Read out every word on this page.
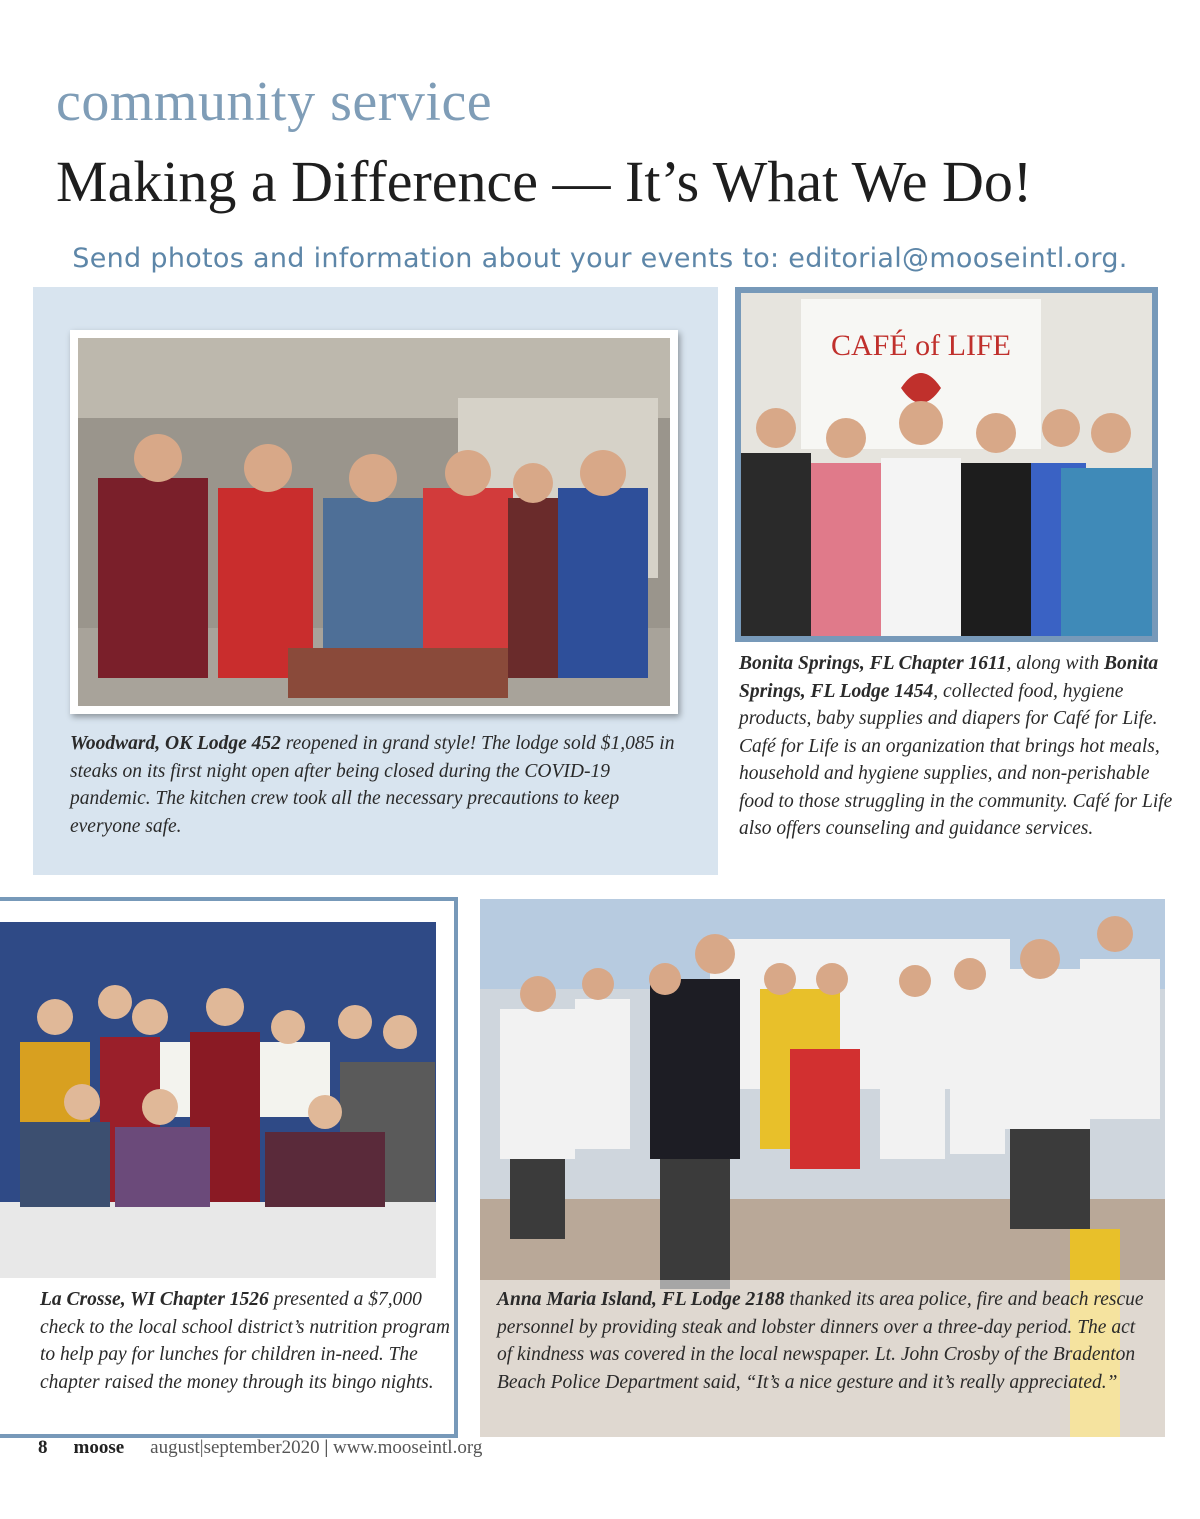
community service
Making a Difference — It’s What We Do!
Send photos and information about your events to: editorial@mooseintl.org.
Woodward, OK Lodge 452 reopened in grand style! The lodge sold $1,085 in steaks on its first night open after being closed during the COVID-19 pandemic. The kitchen crew took all the necessary precautions to keep everyone safe.
CAFÉ of LIFE
Bonita Springs, FL Chapter 1611, along with Bonita Springs, FL Lodge 1454, collected food, hygiene products, baby supplies and diapers for Café for Life. Café for Life is an organization that brings hot meals, household and hygiene supplies, and non-perishable food to those struggling in the community. Café for Life also offers counseling and guidance services.
La Crosse, WI Chapter 1526 presented a $7,000 check to the local school district’s nutrition program to help pay for lunches for children in-need. The chapter raised the money through its bingo nights.
Anna Maria Island, FL Lodge 2188 thanked its area police, fire and beach rescue personnel by providing steak and lobster dinners over a three-day period. The act of kindness was covered in the local newspaper. Lt. John Crosby of the Bradenton Beach Police Department said, “It’s a nice gesture and it’s really appreciated.”
8 moose august|september2020 | www.mooseintl.org
